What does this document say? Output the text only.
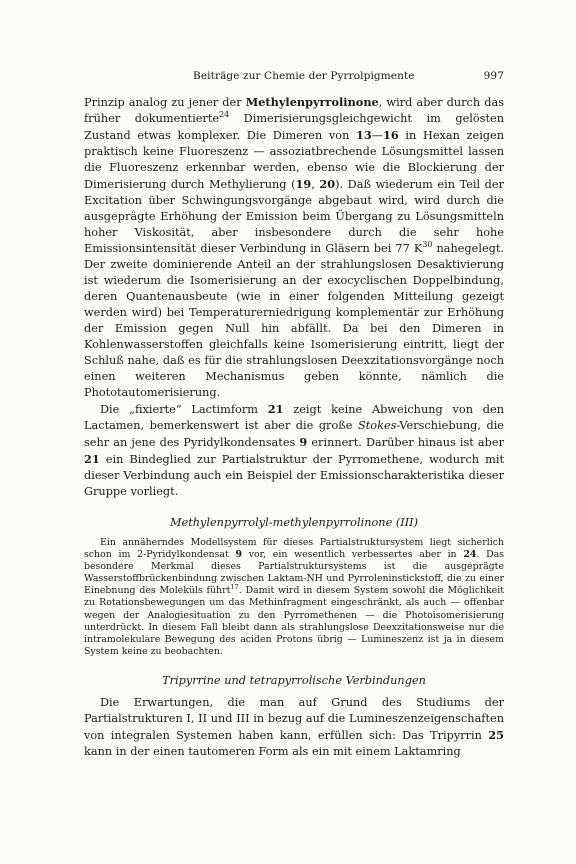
Beiträge zur Chemie der Pyrrolpigmente	997

Prinzip analog zu jener der Methylenpyrrolinone, wird aber durch das früher dokumentierte$^{24}$ Dimerisierungsgleichgewicht im gelösten Zustand etwas komplexer. Die Dimeren von 13—16 in Hexan zeigen praktisch keine Fluoreszenz — assoziatbrechende Lösungsmittel lassen die Fluoreszenz erkennbar werden, ebenso wie die Blockierung der Dimerisierung durch Methylierung (19, 20). Daß wiederum ein Teil der Excitation über Schwingungsvorgänge abgebaut wird, wird durch die ausgeprägte Erhöhung der Emission beim Übergang zu Lösungsmitteln hoher Viskosität, aber insbesondere durch die sehr hohe Emissionsintensität dieser Verbindung in Gläsern bei 77 $K^{30}$ nahegelegt. Der zweite dominierende Anteil an der strahlungslosen Desaktivierung ist wiederum die Isomerisierung an der exocyclischen Doppelbindung, deren Quantenausbeute (wie in einer folgenden Mitteilung gezeigt werden wird) bei Temperaturerniedrigung komplementär zur Erhöhung der Emission gegen Null hin abfällt. Da bei den Dimeren in Kohlenwasserstoffen gleichfalls keine Isomerisierung eintritt, liegt der Schluß nahe, daß es für die strahlungslosen Deexzitationsvorgänge noch einen weiteren Mechanismus geben könnte, nämlich die Phototautomerisierung.

Die „fixierte“ Lactimform 21 zeigt keine Abweichung von den Lactamen, bemerkenswert ist aber die große Stokes-Verschiebung, die sehr an jene des Pyridylkondensates 9 erinnert. Darüber hinaus ist aber 21 ein Bindeglied zur Partialstruktur der Pyrromethene, wodurch mit dieser Verbindung auch ein Beispiel der Emissionscharakteristika dieser Gruppe vorliegt.

Methylenpyrrolyl-methylenpyrrolinone (III)

Ein annäherndes Modellsystem für dieses Partialstruktursystem liegt sicherlich schon im 2-Pyridylkondensat 9 vor, ein wesentlich verbessertes aber in 24. Das besondere Merkmal dieses Partialstruktursystems ist die ausgeprägte Wasserstoffbrückenbindung zwischen Laktam-NH und Pyrroleninstickstoff, die zu einer Einebnung des Moleküls führt$^{17}$. Damit wird in diesem System sowohl die Möglichkeit zu Rotationsbewegungen um das Methinfragment eingeschränkt, als auch — offenbar wegen der Analogiesituation zu den Pyrromethenen — die Photoisomerisierung unterdrückt. In diesem Fall bleibt dann als strahlungslose Deexzitationsweise nur die intramolekulare Bewegung des aciden Protons übrig — Lumineszenz ist ja in diesem System keine zu beobachten.

Tripyrrine und tetrapyrrolische Verbindungen

Die Erwartungen, die man auf Grund des Studiums der Partialstrukturen I, II und III in bezug auf die Lumineszenzeigenschaften von integralen Systemen haben kann, erfüllen sich: Das Tripyrrin 25 kann in der einen tautomeren Form als ein mit einem Laktamring
